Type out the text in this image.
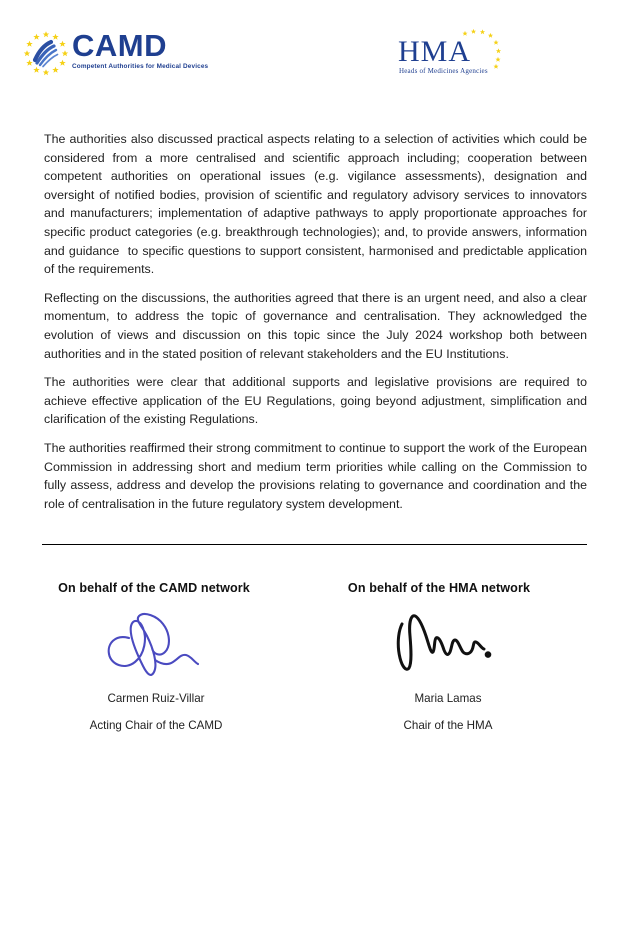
CAMD
Competent Authorities for Medical Devices	HMA
Heads of Medicines Agencies

The authorities also discussed practical aspects relating to a selection of activities which could be considered from a more centralised and scientific approach including; cooperation between competent authorities on operational issues (e.g. vigilance assessments), designation and oversight of notified bodies, provision of scientific and regulatory advisory services to innovators and manufacturers; implementation of adaptive pathways to apply proportionate approaches for specific product categories (e.g. breakthrough technologies); and, to provide answers, information and guidance  to specific questions to support consistent, harmonised and predictable application of the requirements.

Reflecting on the discussions, the authorities agreed that there is an urgent need, and also a clear momentum, to address the topic of governance and centralisation. They acknowledged the evolution of views and discussion on this topic since the July 2024 workshop both between authorities and in the stated position of relevant stakeholders and the EU Institutions.

The authorities were clear that additional supports and legislative provisions are required to achieve effective application of the EU Regulations, going beyond adjustment, simplification and clarification of the existing Regulations.

The authorities reaffirmed their strong commitment to continue to support the work of the European Commission in addressing short and medium term priorities while calling on the Commission to fully assess, address and develop the provisions relating to governance and coordination and the role of centralisation in the future regulatory system development.

On behalf of the CAMD network
Carmen Ruiz-Villar
Acting Chair of the CAMD
On behalf of the HMA network
Maria Lamas
Chair of the HMA
